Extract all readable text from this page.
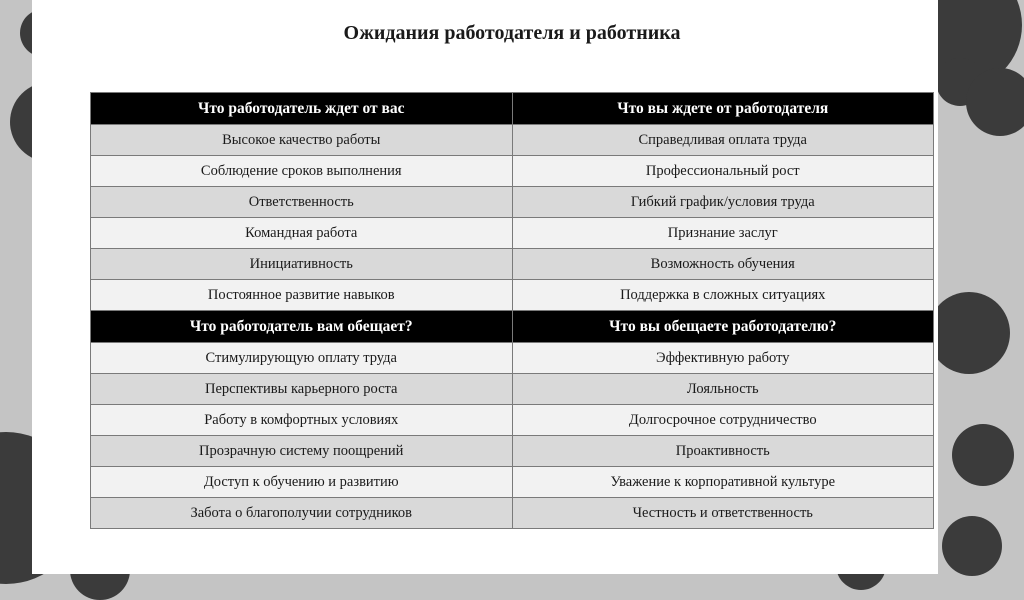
Ожидания работодателя и работника
Что работодатель ждет от вас	Что вы ждете от работодателя
Высокое качество работы	Справедливая оплата труда
Соблюдение сроков выполнения	Профессиональный рост
Ответственность	Гибкий график/условия труда
Командная работа	Признание заслуг
Инициативность	Возможность обучения
Постоянное развитие навыков	Поддержка в сложных ситуациях
Что работодатель вам обещает?	Что вы обещаете работодателю?
Стимулирующую оплату труда	Эффективную работу
Перспективы карьерного роста	Лояльность
Работу в комфортных условиях	Долгосрочное сотрудничество
Прозрачную систему поощрений	Проактивность
Доступ к обучению и развитию	Уважение к корпоративной культуре
Забота о благополучии сотрудников	Честность и ответственность
